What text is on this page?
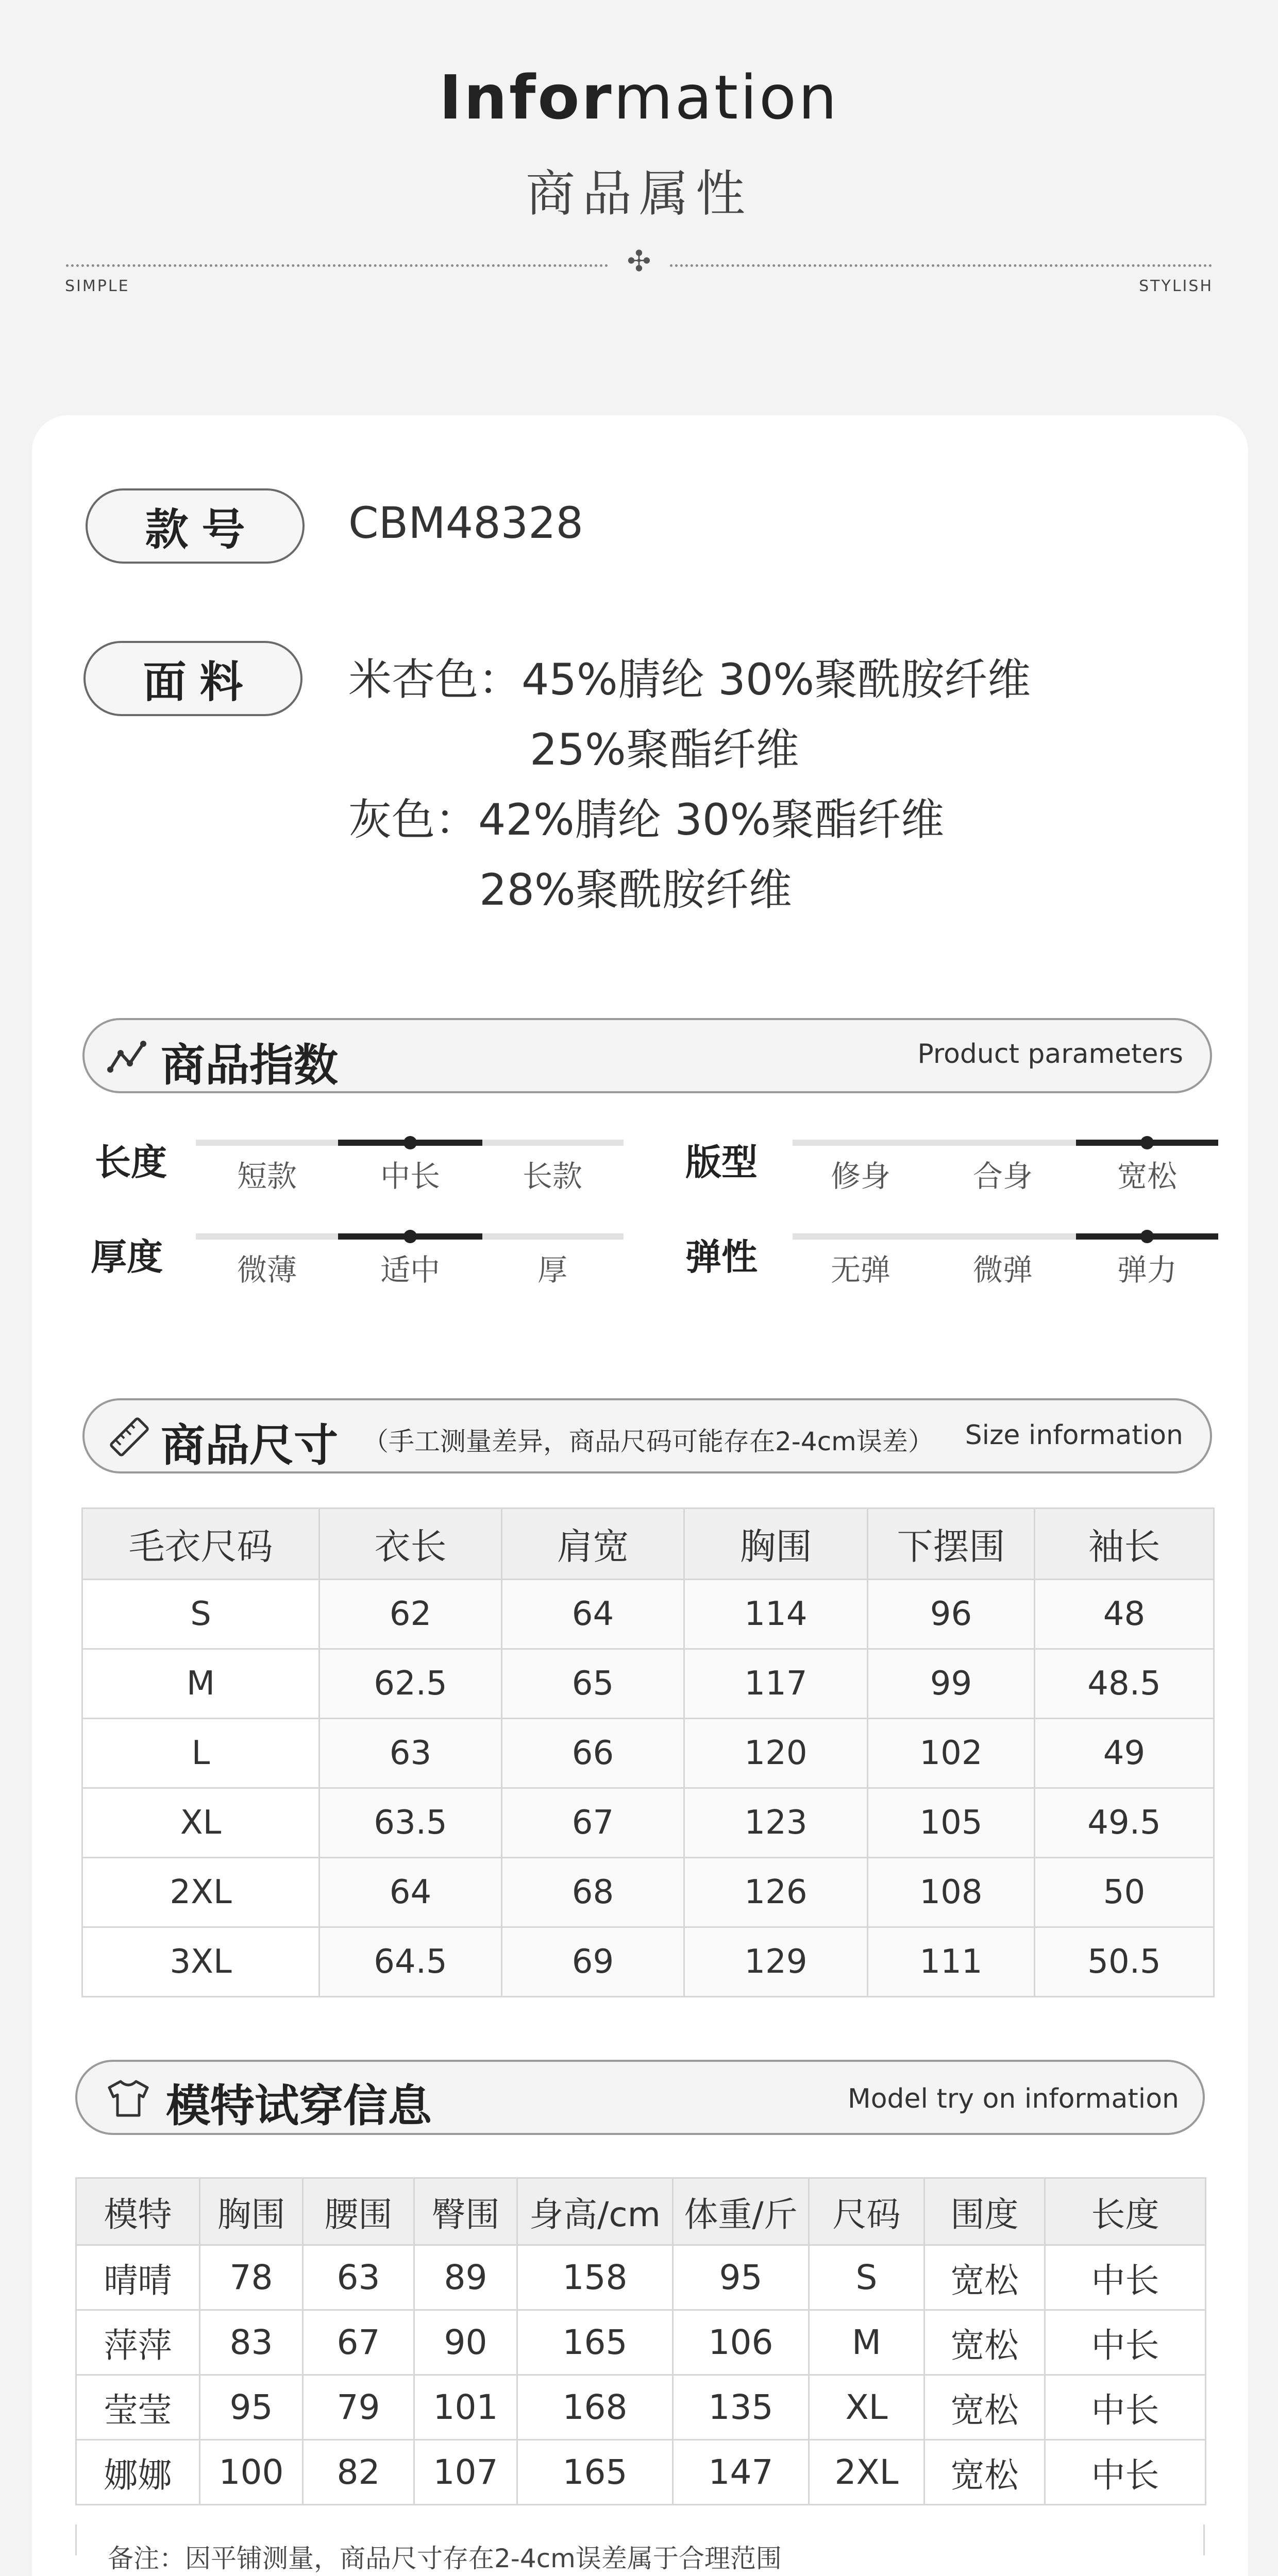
Information
商品属性
✣
SIMPLE	STYLISH
款号	CBM48328
面料	米杏色：45%腈纶 30%聚酰胺纤维
25%聚酯纤维
灰色：42%腈纶 30%聚酯纤维
28%聚酰胺纤维
商品指数	Product parameters
长度	短款	中长	长款	版型	修身	合身	宽松
厚度	微薄	适中	厚	弹性	无弹	微弹	弹力
商品尺寸 （手工测量差异，商品尺码可能存在2-4cm误差）	Size information
毛衣尺码	衣长	肩宽	胸围	下摆围	袖长
S	62	64	114	96	48
M	62.5	65	117	99	48.5
L	63	66	120	102	49
XL	63.5	67	123	105	49.5
2XL	64	68	126	108	50
3XL	64.5	69	129	111	50.5
模特试穿信息	Model try on information
模特	胸围	腰围	臀围	身高/cm	体重/斤	尺码	围度	长度
晴晴	78	63	89	158	95	S	宽松	中长
萍萍	83	67	90	165	106	M	宽松	中长
莹莹	95	79	101	168	135	XL	宽松	中长
娜娜	100	82	107	165	147	2XL	宽松	中长
备注：因平铺测量，商品尺寸存在2-4cm误差属于合理范围
